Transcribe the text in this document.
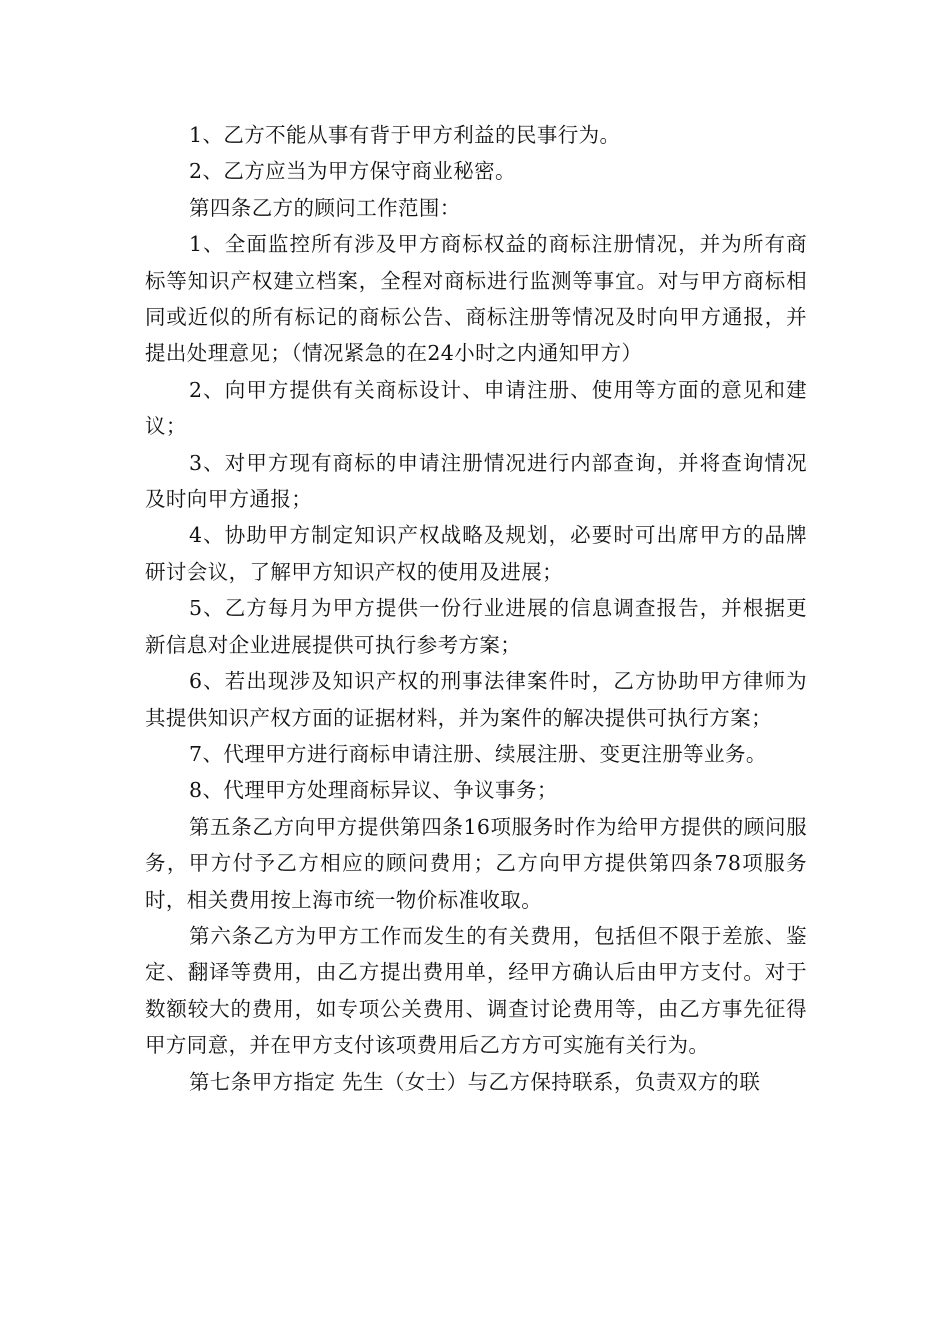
1、乙方不能从事有背于甲方利益的民事行为。

2、乙方应当为甲方保守商业秘密。

第四条乙方的顾问工作范围：

1、全面监控所有涉及甲方商标权益的商标注册情况，并为所有商标等知识产权建立档案，全程对商标进行监测等事宜。对与甲方商标相同或近似的所有标记的商标公告、商标注册等情况及时向甲方通报，并提出处理意见；（情况紧急的在24小时之内通知甲方）

2、向甲方提供有关商标设计、申请注册、使用等方面的意见和建议；

3、对甲方现有商标的申请注册情况进行内部查询，并将查询情况及时向甲方通报；

4、协助甲方制定知识产权战略及规划，必要时可出席甲方的品牌研讨会议，了解甲方知识产权的使用及进展；

5、乙方每月为甲方提供一份行业进展的信息调查报告，并根据更新信息对企业进展提供可执行参考方案；

6、若出现涉及知识产权的刑事法律案件时，乙方协助甲方律师为其提供知识产权方面的证据材料，并为案件的解决提供可执行方案；

7、代理甲方进行商标申请注册、续展注册、变更注册等业务。

8、代理甲方处理商标异议、争议事务；

第五条乙方向甲方提供第四条16项服务时作为给甲方提供的顾问服务，甲方付予乙方相应的顾问费用；乙方向甲方提供第四条78项服务时，相关费用按上海市统一物价标准收取。

第六条乙方为甲方工作而发生的有关费用，包括但不限于差旅、鉴定、翻译等费用，由乙方提出费用单，经甲方确认后由甲方支付。对于数额较大的费用，如专项公关费用、调查讨论费用等，由乙方事先征得甲方同意，并在甲方支付该项费用后乙方方可实施有关行为。

第七条甲方指定 先生（女士）与乙方保持联系，负责双方的联
